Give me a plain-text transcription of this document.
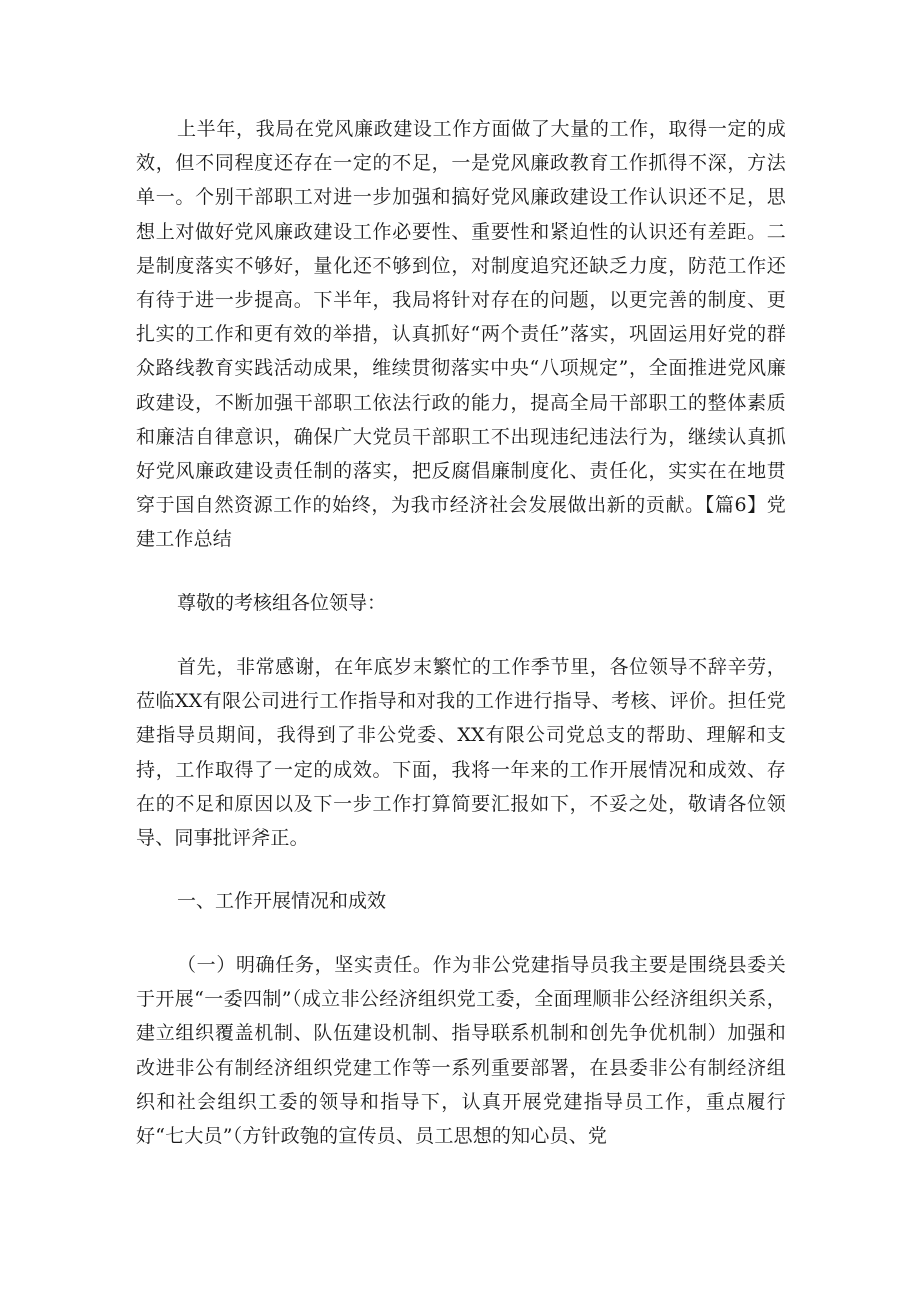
上半年，我局在党风廉政建设工作方面做了大量的工作，取得一定的成效，但不同程度还存在一定的不足，一是党风廉政教育工作抓得不深，方法单一。个别干部职工对进一步加强和搞好党风廉政建设工作认识还不足，思想上对做好党风廉政建设工作必要性、重要性和紧迫性的认识还有差距。二是制度落实不够好，量化还不够到位，对制度追究还缺乏力度，防范工作还有待于进一步提高。下半年，我局将针对存在的问题，以更完善的制度、更扎实的工作和更有效的举措，认真抓好“两个责任”落实，巩固运用好党的群众路线教育实践活动成果，维续贯彻落实中央“八项规定”，全面推进党风廉政建设，不断加强干部职工依法行政的能力，提高全局干部职工的整体素质和廉洁自律意识，确保广大党员干部职工不出现违纪违法行为，继续认真抓好党风廉政建设责任制的落实，把反腐倡廉制度化、责任化，实实在在地贯穿于国自然资源工作的始终，为我市经济社会发展做出新的贡献。【篇6】党建工作总结

尊敬的考核组各位领导：

首先，非常感谢，在年底岁末繁忙的工作季节里，各位领导不辞辛劳，莅临XX有限公司进行工作指导和对我的工作进行指导、考核、评价。担任党建指导员期间，我得到了非公党委、XX有限公司党总支的帮助、理解和支持，工作取得了一定的成效。下面，我将一年来的工作开展情况和成效、存在的不足和原因以及下一步工作打算简要汇报如下，不妥之处，敬请各位领导、同事批评斧正。

一、工作开展情况和成效

（一）明确任务，坚实责任。作为非公党建指导员我主要是围绕县委关于开展“一委四制”（成立非公经济组织党工委，全面理顺非公经济组织关系，建立组织覆盖机制、队伍建设机制、指导联系机制和创先争优机制）加强和改进非公有制经济组织党建工作等一系列重要部署，在县委非公有制经济组织和社会组织工委的领导和指导下，认真开展党建指导员工作，重点履行好“七大员”（方针政匏的宣传员、员工思想的知心员、党
